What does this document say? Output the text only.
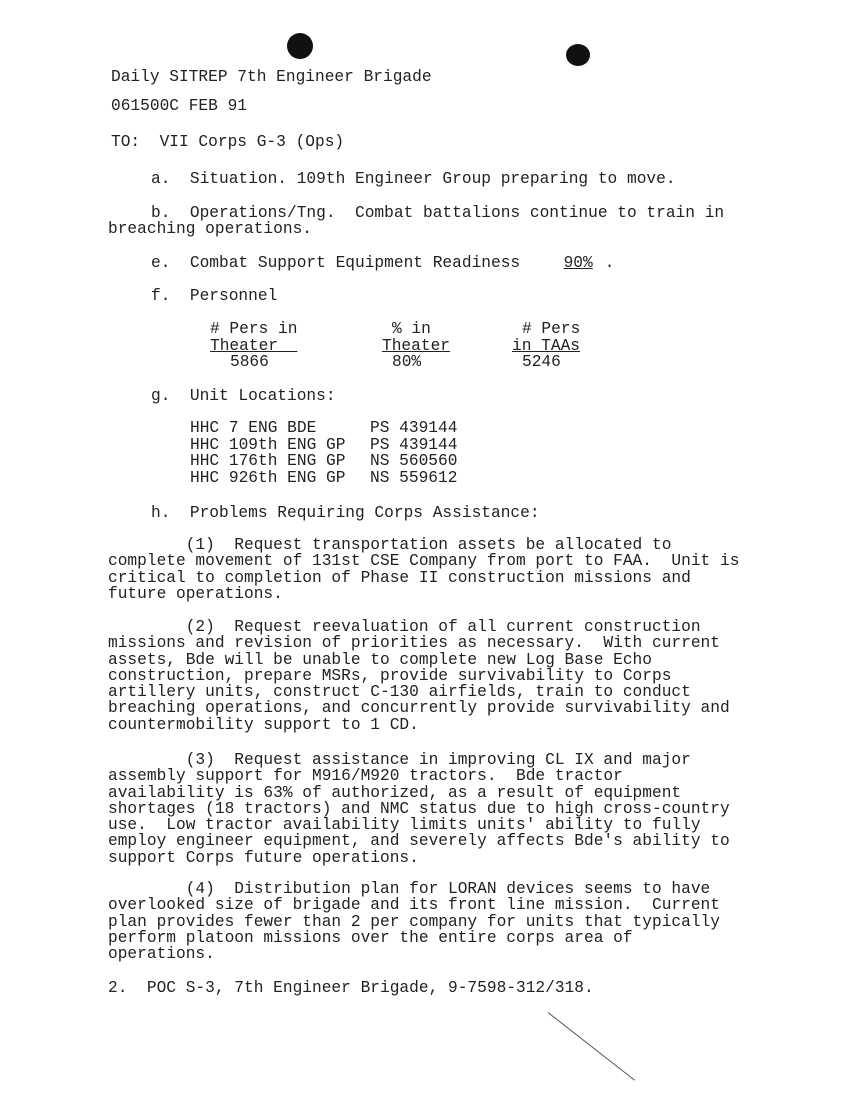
Daily SITREP 7th Engineer Brigade
061500C FEB 91
TO:  VII Corps G-3 (Ops)
a.  Situation. 109th Engineer Group preparing to move.
b.  Operations/Tng.  Combat battalions continue to train in
breaching operations.
e.  Combat Support Equipment Readiness	90% .
f.  Personnel
# Pers in
Theater
5866
% in
Theater
80%
# Pers
in TAAs
5246
g.  Unit Locations:
HHC 7 ENG BDE	PS 439144
HHC 109th ENG GP PS 439144
HHC 176th ENG GP NS 560560
HHC 926th ENG GP NS 559612
h.  Problems Requiring Corps Assistance:
(1)  Request transportation assets be allocated to
complete movement of 131st CSE Company from port to FAA.  Unit is
critical to completion of Phase II construction missions and
future operations.
(2)  Request reevaluation of all current construction
missions and revision of priorities as necessary.  With current
assets, Bde will be unable to complete new Log Base Echo
construction, prepare MSRs, provide survivability to Corps
artillery units, construct C-130 airfields, train to conduct
breaching operations, and concurrently provide survivability and
countermobility support to 1 CD.
(3)  Request assistance in improving CL IX and major
assembly support for M916/M920 tractors.  Bde tractor
availability is 63% of authorized, as a result of equipment
shortages (18 tractors) and NMC status due to high cross-country
use.  Low tractor availability limits units' ability to fully
employ engineer equipment, and severely affects Bde's ability to
support Corps future operations.
(4)  Distribution plan for LORAN devices seems to have
overlooked size of brigade and its front line mission.  Current
plan provides fewer than 2 per company for units that typically
perform platoon missions over the entire corps area of
operations.
2.  POC S-3, 7th Engineer Brigade, 9-7598-312/318.
